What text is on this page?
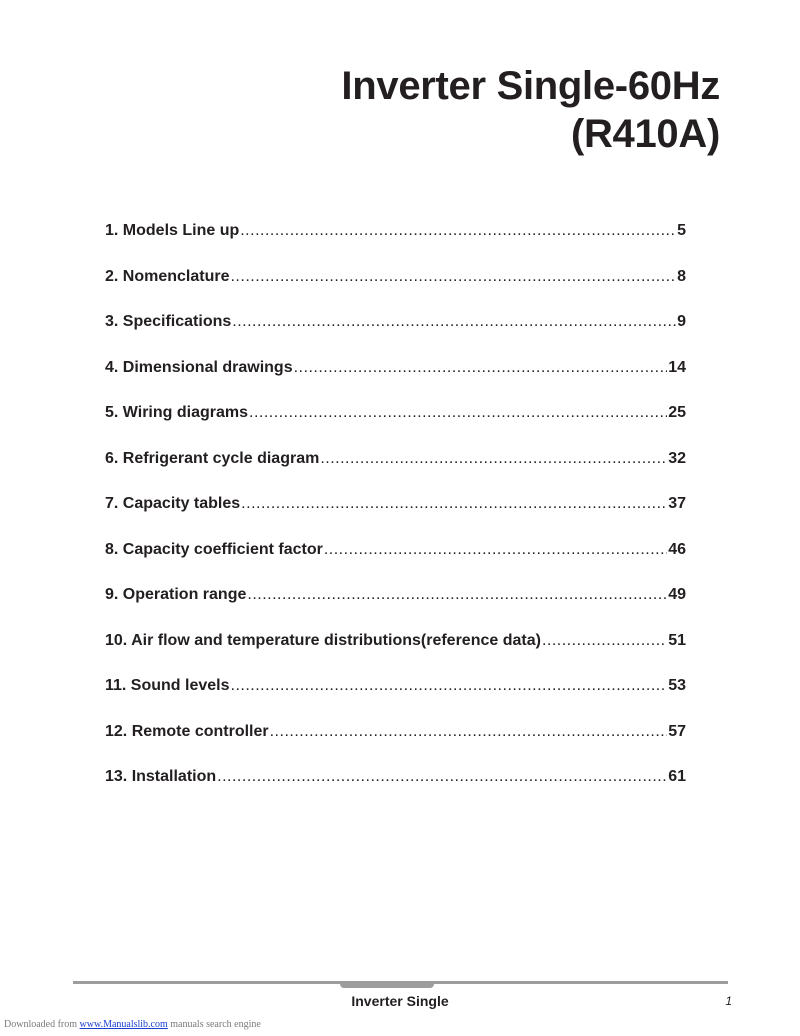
Inverter Single-60Hz
(R410A)
1. Models Line up .....	5
2. Nomenclature .....	8
3. Specifications .....	9
4. Dimensional drawings .....	14
5. Wiring diagrams .....	25
6. Refrigerant cycle diagram .....	32
7. Capacity tables .....	37
8. Capacity coefficient factor .....	46
9. Operation range .....	49
10. Air flow and temperature distributions(reference data) .....	51
11. Sound levels .....	53
12. Remote controller .....	57
13. Installation .....	61
Inverter Single	1
Downloaded from www.Manualslib.com manuals search engine
